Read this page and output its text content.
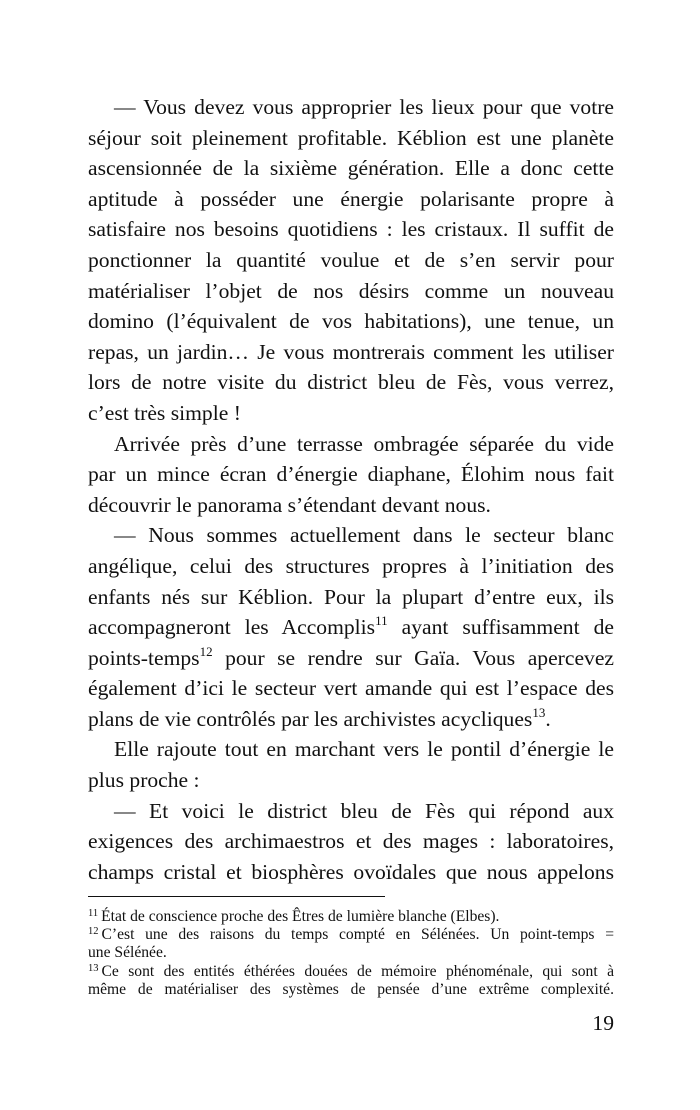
— Vous devez vous approprier les lieux pour que votre
séjour soit pleinement profitable. Kéblion est une planète
ascensionnée de la sixième génération. Elle a donc cette
aptitude à posséder une énergie polarisante propre à
satisfaire nos besoins quotidiens : les cristaux. Il suffit de
ponctionner la quantité voulue et de s’en servir pour
matérialiser l’objet de nos désirs comme un nouveau
domino (l’équivalent de vos habitations), une tenue, un
repas, un jardin… Je vous montrerais comment les utiliser
lors de notre visite du district bleu de Fès, vous verrez,
c’est très simple !
Arrivée près d’une terrasse ombragée séparée du vide
par un mince écran d’énergie diaphane, Élohim nous fait
découvrir le panorama s’étendant devant nous.
— Nous sommes actuellement dans le secteur blanc
angélique, celui des structures propres à l’initiation des
enfants nés sur Kéblion. Pour la plupart d’entre eux, ils
accompagneront les Accomplis$^{11}$ ayant suffisamment de
points-temps$^{12}$ pour se rendre sur Gaïa. Vous apercevez
également d’ici le secteur vert amande qui est l’espace des
plans de vie contrôlés par les archivistes acycliques$^{13}$.
Elle rajoute tout en marchant vers le pontil d’énergie le
plus proche :
— Et voici le district bleu de Fès qui répond aux
exigences des archimaestros et des mages : laboratoires,
champs cristal et biosphères ovoïdales que nous appelons
$^{11}$ État de conscience proche des Êtres de lumière blanche (Elbes).
$^{12}$ C’est une des raisons du temps compté en Sélénées. Un point-temps =
une Sélénée.
$^{13}$ Ce sont des entités éthérées douées de mémoire phénoménale, qui sont à
même de matérialiser des systèmes de pensée d’une extrême complexité.
19
